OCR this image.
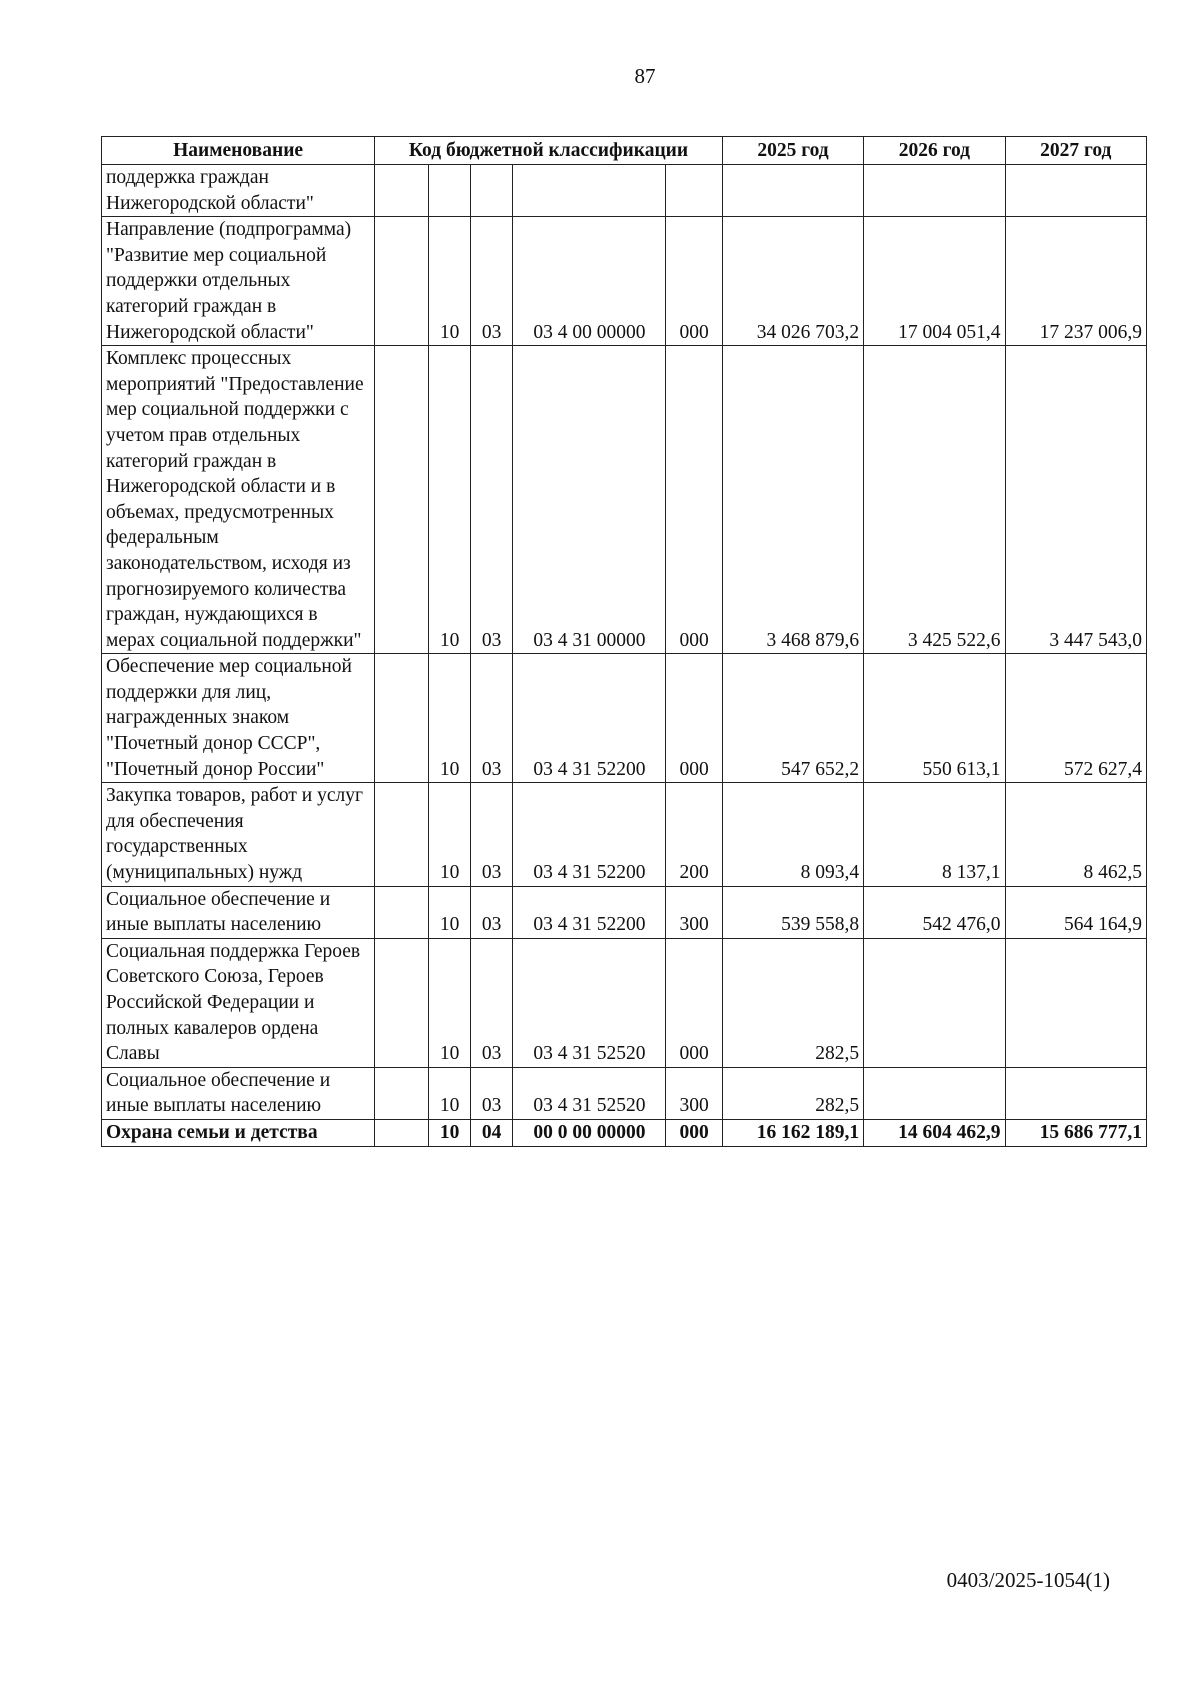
87
Наименование	Код бюджетной классификации					2025 год	2026 год	2027 год
поддержка граждан Нижегородской области"								
Направление (подпрограмма) "Развитие мер социальной поддержки отдельных категорий граждан в Нижегородской области"		10	03	03 4 00 00000	000	34 026 703,2	17 004 051,4	17 237 006,9
Комплекс процессных мероприятий "Предоставление мер социальной поддержки с учетом прав отдельных категорий граждан в Нижегородской области и в объемах, предусмотренных федеральным законодательством, исходя из прогнозируемого количества граждан, нуждающихся в мерах социальной поддержки"		10	03	03 4 31 00000	000	3 468 879,6	3 425 522,6	3 447 543,0
Обеспечение мер социальной поддержки для лиц, награжденных знаком "Почетный донор СССР", "Почетный донор России"		10	03	03 4 31 52200	000	547 652,2	550 613,1	572 627,4
Закупка товаров, работ и услуг для обеспечения государственных (муниципальных) нужд		10	03	03 4 31 52200	200	8 093,4	8 137,1	8 462,5
Социальное обеспечение и иные выплаты населению		10	03	03 4 31 52200	300	539 558,8	542 476,0	564 164,9
Социальная поддержка Героев Советского Союза, Героев Российской Федерации и полных кавалеров ордена Славы		10	03	03 4 31 52520	000	282,5		
Социальное обеспечение и иные выплаты населению		10	03	03 4 31 52520	300	282,5		
Охрана семьи и детства		10	04	00 0 00 00000	000	16 162 189,1	14 604 462,9	15 686 777,1
0403/2025-1054(1)
